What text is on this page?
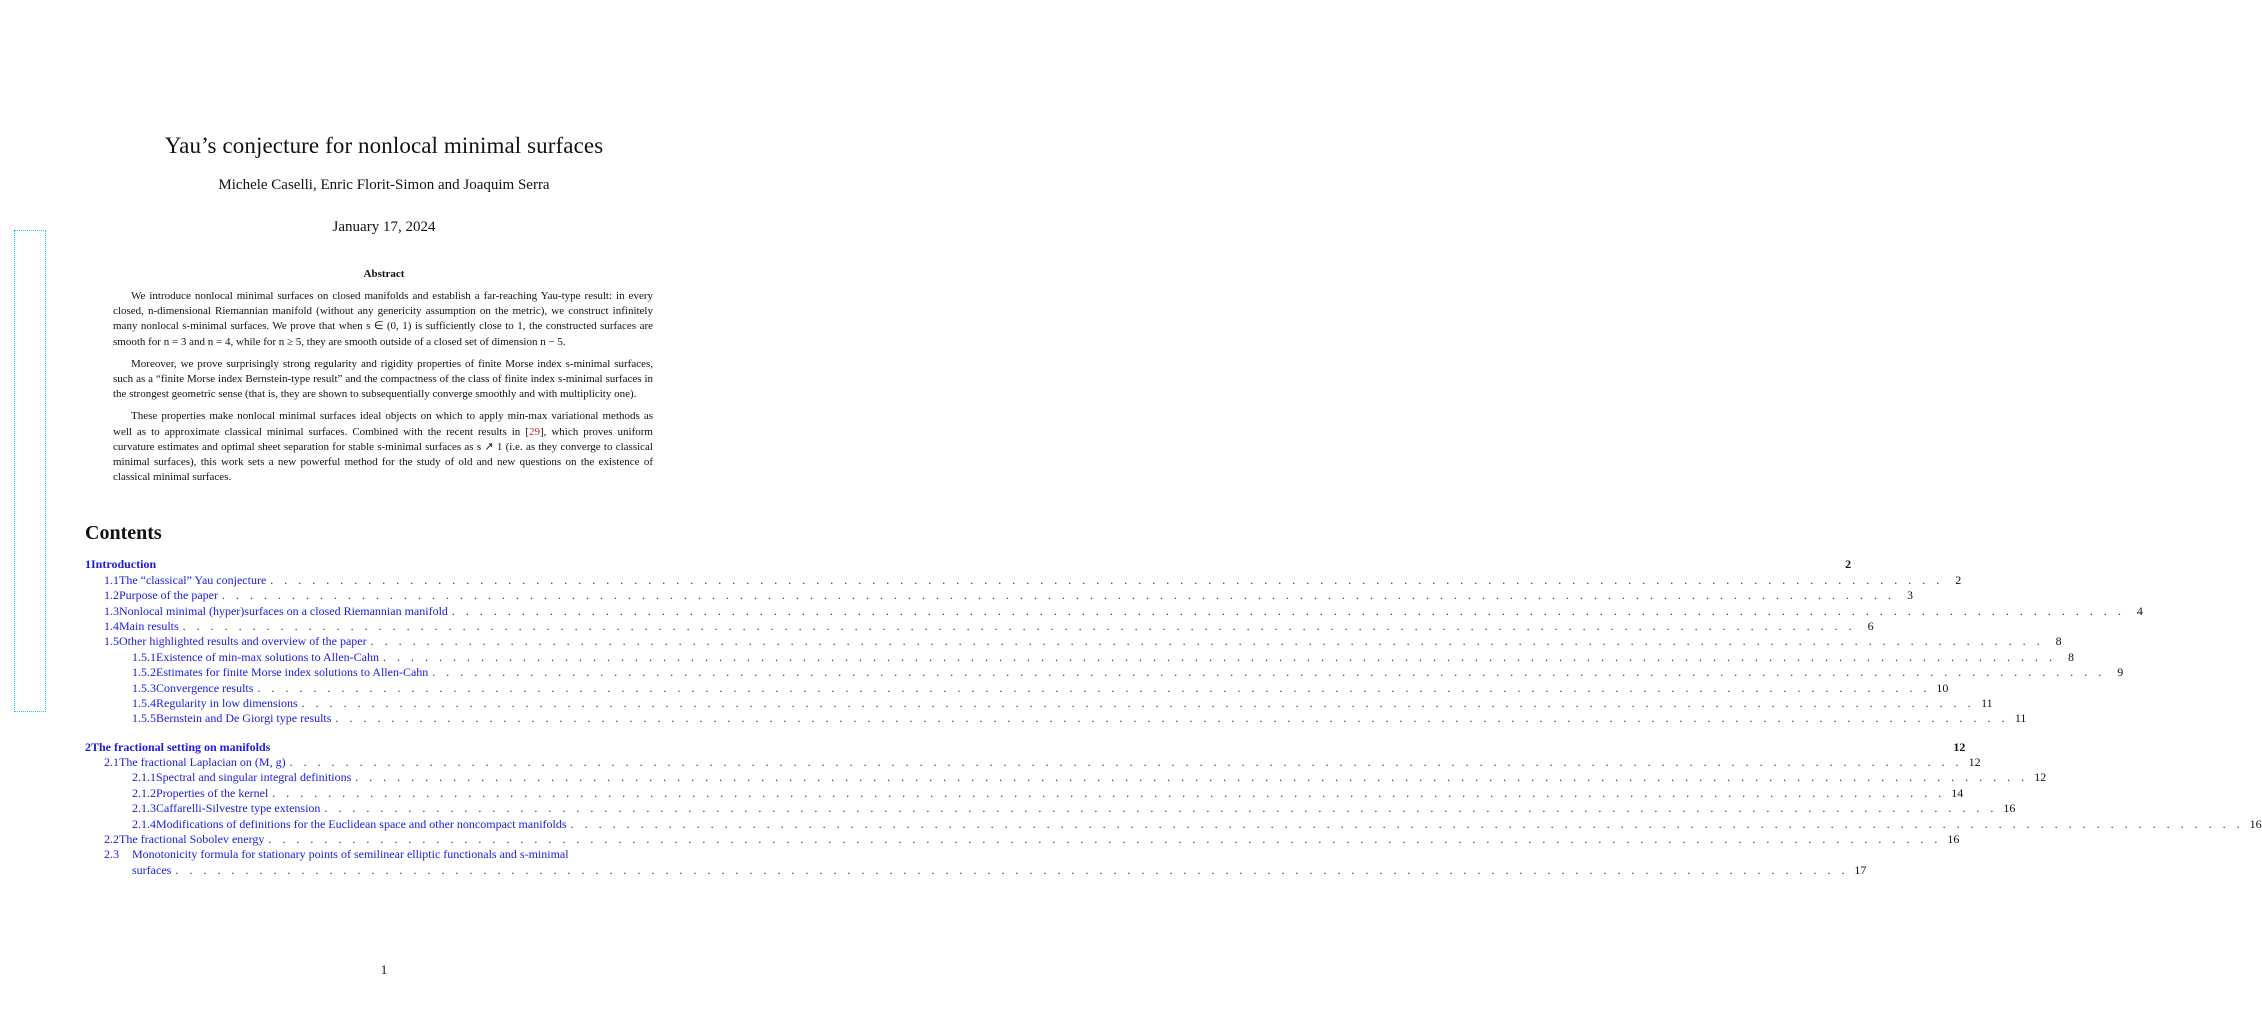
Yau’s conjecture for nonlocal minimal surfaces
Michele Caselli, Enric Florit-Simon and Joaquim Serra
January 17, 2024
Abstract

We introduce nonlocal minimal surfaces on closed manifolds and establish a far-reaching Yau-type result: in every closed, n-dimensional Riemannian manifold (without any genericity assumption on the metric), we construct infinitely many nonlocal s-minimal surfaces. We prove that when s ∈ (0, 1) is sufficiently close to 1, the constructed surfaces are smooth for n = 3 and n = 4, while for n ≥ 5, they are smooth outside of a closed set of dimension n − 5.

Moreover, we prove surprisingly strong regularity and rigidity properties of finite Morse index s-minimal surfaces, such as a “finite Morse index Bernstein-type result” and the compactness of the class of finite index s-minimal surfaces in the strongest geometric sense (that is, they are shown to subsequentially converge smoothly and with multiplicity one).

These properties make nonlocal minimal surfaces ideal objects on which to apply min-max variational methods as well as to approximate classical minimal surfaces. Combined with the recent results in [29], which proves uniform curvature estimates and optimal sheet separation for stable s-minimal surfaces as s ↗ 1 (i.e. as they converge to classical minimal surfaces), this work sets a new powerful method for the study of old and new questions on the existence of classical minimal surfaces.

Contents
1 Introduction	2
1.1 The “classical” Yau conjecture . . . . . . . . . . . . . . . . . . . . . . . . . . . . . . . . . . . . . . . . . . . . . . . . . . . . . . . . . . . . . . . . . . . . . . . . . . . . . . . . . . . . . . . . . . . . . . . . . . . . . . . . . . . . . . . . . . . . . . . .	2
1.2 Purpose of the paper . . . . . . . . . . . . . . . . . . . . . . . . . . . . . . . . . . . . . . . . . . . . . . . . . . . . . . . . . . . . . . . . . . . . . . . . . . . . . . . . . . . . . . . . . . . . . . . . . . . . . . . . . . . . . . . . . . . . . . . .	3
1.3 Nonlocal minimal (hyper)surfaces on a closed Riemannian manifold . . . . . . . . . . . . . . . . . . . . . . . . . . . . . . . . . . . . . . . . . . . . . . . . . . . . . . . . . . . . . . . . . . . . . . . . . . . . . . . . . . . . . . . . . . . . . . . . . . . . . . . . . . . . . . . . . . . . . . . .	4
1.4 Main results . . . . . . . . . . . . . . . . . . . . . . . . . . . . . . . . . . . . . . . . . . . . . . . . . . . . . . . . . . . . . . . . . . . . . . . . . . . . . . . . . . . . . . . . . . . . . . . . . . . . . . . . . . . . . . . . . . . . . . . .	6
1.5 Other highlighted results and overview of the paper . . . . . . . . . . . . . . . . . . . . . . . . . . . . . . . . . . . . . . . . . . . . . . . . . . . . . . . . . . . . . . . . . . . . . . . . . . . . . . . . . . . . . . . . . . . . . . . . . . . . . . . . . . . . . . . . . . . . . . . .	8
1.5.1 Existence of min-max solutions to Allen-Cahn . . . . . . . . . . . . . . . . . . . . . . . . . . . . . . . . . . . . . . . . . . . . . . . . . . . . . . . . . . . . . . . . . . . . . . . . . . . . . . . . . . . . . . . . . . . . . . . . . . . . . . . . . . . . . . . . . . . . . . . .	8
1.5.2 Estimates for finite Morse index solutions to Allen-Cahn . . . . . . . . . . . . . . . . . . . . . . . . . . . . . . . . . . . . . . . . . . . . . . . . . . . . . . . . . . . . . . . . . . . . . . . . . . . . . . . . . . . . . . . . . . . . . . . . . . . . . . . . . . . . . . . . . . . . . . . .	9
1.5.3 Convergence results . . . . . . . . . . . . . . . . . . . . . . . . . . . . . . . . . . . . . . . . . . . . . . . . . . . . . . . . . . . . . . . . . . . . . . . . . . . . . . . . . . . . . . . . . . . . . . . . . . . . . . . . . . . . . . . . . . . . . . . . 10
1.5.4 Regularity in low dimensions . . . . . . . . . . . . . . . . . . . . . . . . . . . . . . . . . . . . . . . . . . . . . . . . . . . . . . . . . . . . . . . . . . . . . . . . . . . . . . . . . . . . . . . . . . . . . . . . . . . . . . . . . . . . . . . . . . . . . . . . 11
1.5.5 Bernstein and De Giorgi type results . . . . . . . . . . . . . . . . . . . . . . . . . . . . . . . . . . . . . . . . . . . . . . . . . . . . . . . . . . . . . . . . . . . . . . . . . . . . . . . . . . . . . . . . . . . . . . . . . . . . . . . . . . . . . . . . . . . . . . . . 11
2 The fractional setting on manifolds	12
2.1 The fractional Laplacian on (M, g) . . . . . . . . . . . . . . . . . . . . . . . . . . . . . . . . . . . . . . . . . . . . . . . . . . . . . . . . . . . . . . . . . . . . . . . . . . . . . . . . . . . . . . . . . . . . . . . . . . . . . . . . . . . . . . . . . . . . . . . . 12
2.1.1 Spectral and singular integral definitions . . . . . . . . . . . . . . . . . . . . . . . . . . . . . . . . . . . . . . . . . . . . . . . . . . . . . . . . . . . . . . . . . . . . . . . . . . . . . . . . . . . . . . . . . . . . . . . . . . . . . . . . . . . . . . . . . . . . . . . . 12
2.1.2 Properties of the kernel . . . . . . . . . . . . . . . . . . . . . . . . . . . . . . . . . . . . . . . . . . . . . . . . . . . . . . . . . . . . . . . . . . . . . . . . . . . . . . . . . . . . . . . . . . . . . . . . . . . . . . . . . . . . . . . . . . . . . . . . 14
2.1.3 Caffarelli-Silvestre type extension . . . . . . . . . . . . . . . . . . . . . . . . . . . . . . . . . . . . . . . . . . . . . . . . . . . . . . . . . . . . . . . . . . . . . . . . . . . . . . . . . . . . . . . . . . . . . . . . . . . . . . . . . . . . . . . . . . . . . . . . 16
2.1.4 Modifications of definitions for the Euclidean space and other noncompact manifolds . . . . . . . . . . . . . . . . . . . . . . . . . . . . . . . . . . . . . . . . . . . . . . . . . . . . . . . . . . . . . . . . . . . . . . . . . . . . . . . . . . . . . . . . . . . . . . . . . . . . . . . . . . . . . . . . . . . . . . . . 16
2.2 The fractional Sobolev energy . . . . . . . . . . . . . . . . . . . . . . . . . . . . . . . . . . . . . . . . . . . . . . . . . . . . . . . . . . . . . . . . . . . . . . . . . . . . . . . . . . . . . . . . . . . . . . . . . . . . . . . . . . . . . . . . . . . . . . . . 16
2.3	Monotonicity formula for stationary points of semilinear elliptic functionals and s-minimal
surfaces . . . . . . . . . . . . . . . . . . . . . . . . . . . . . . . . . . . . . . . . . . . . . . . . . . . . . . . . . . . . . . . . . . . . . . . . . . . . . . . . . . . . . . . . . . . . . . . . . . . . . . . . . . . . . . . . . . . . . . . . 17
1
